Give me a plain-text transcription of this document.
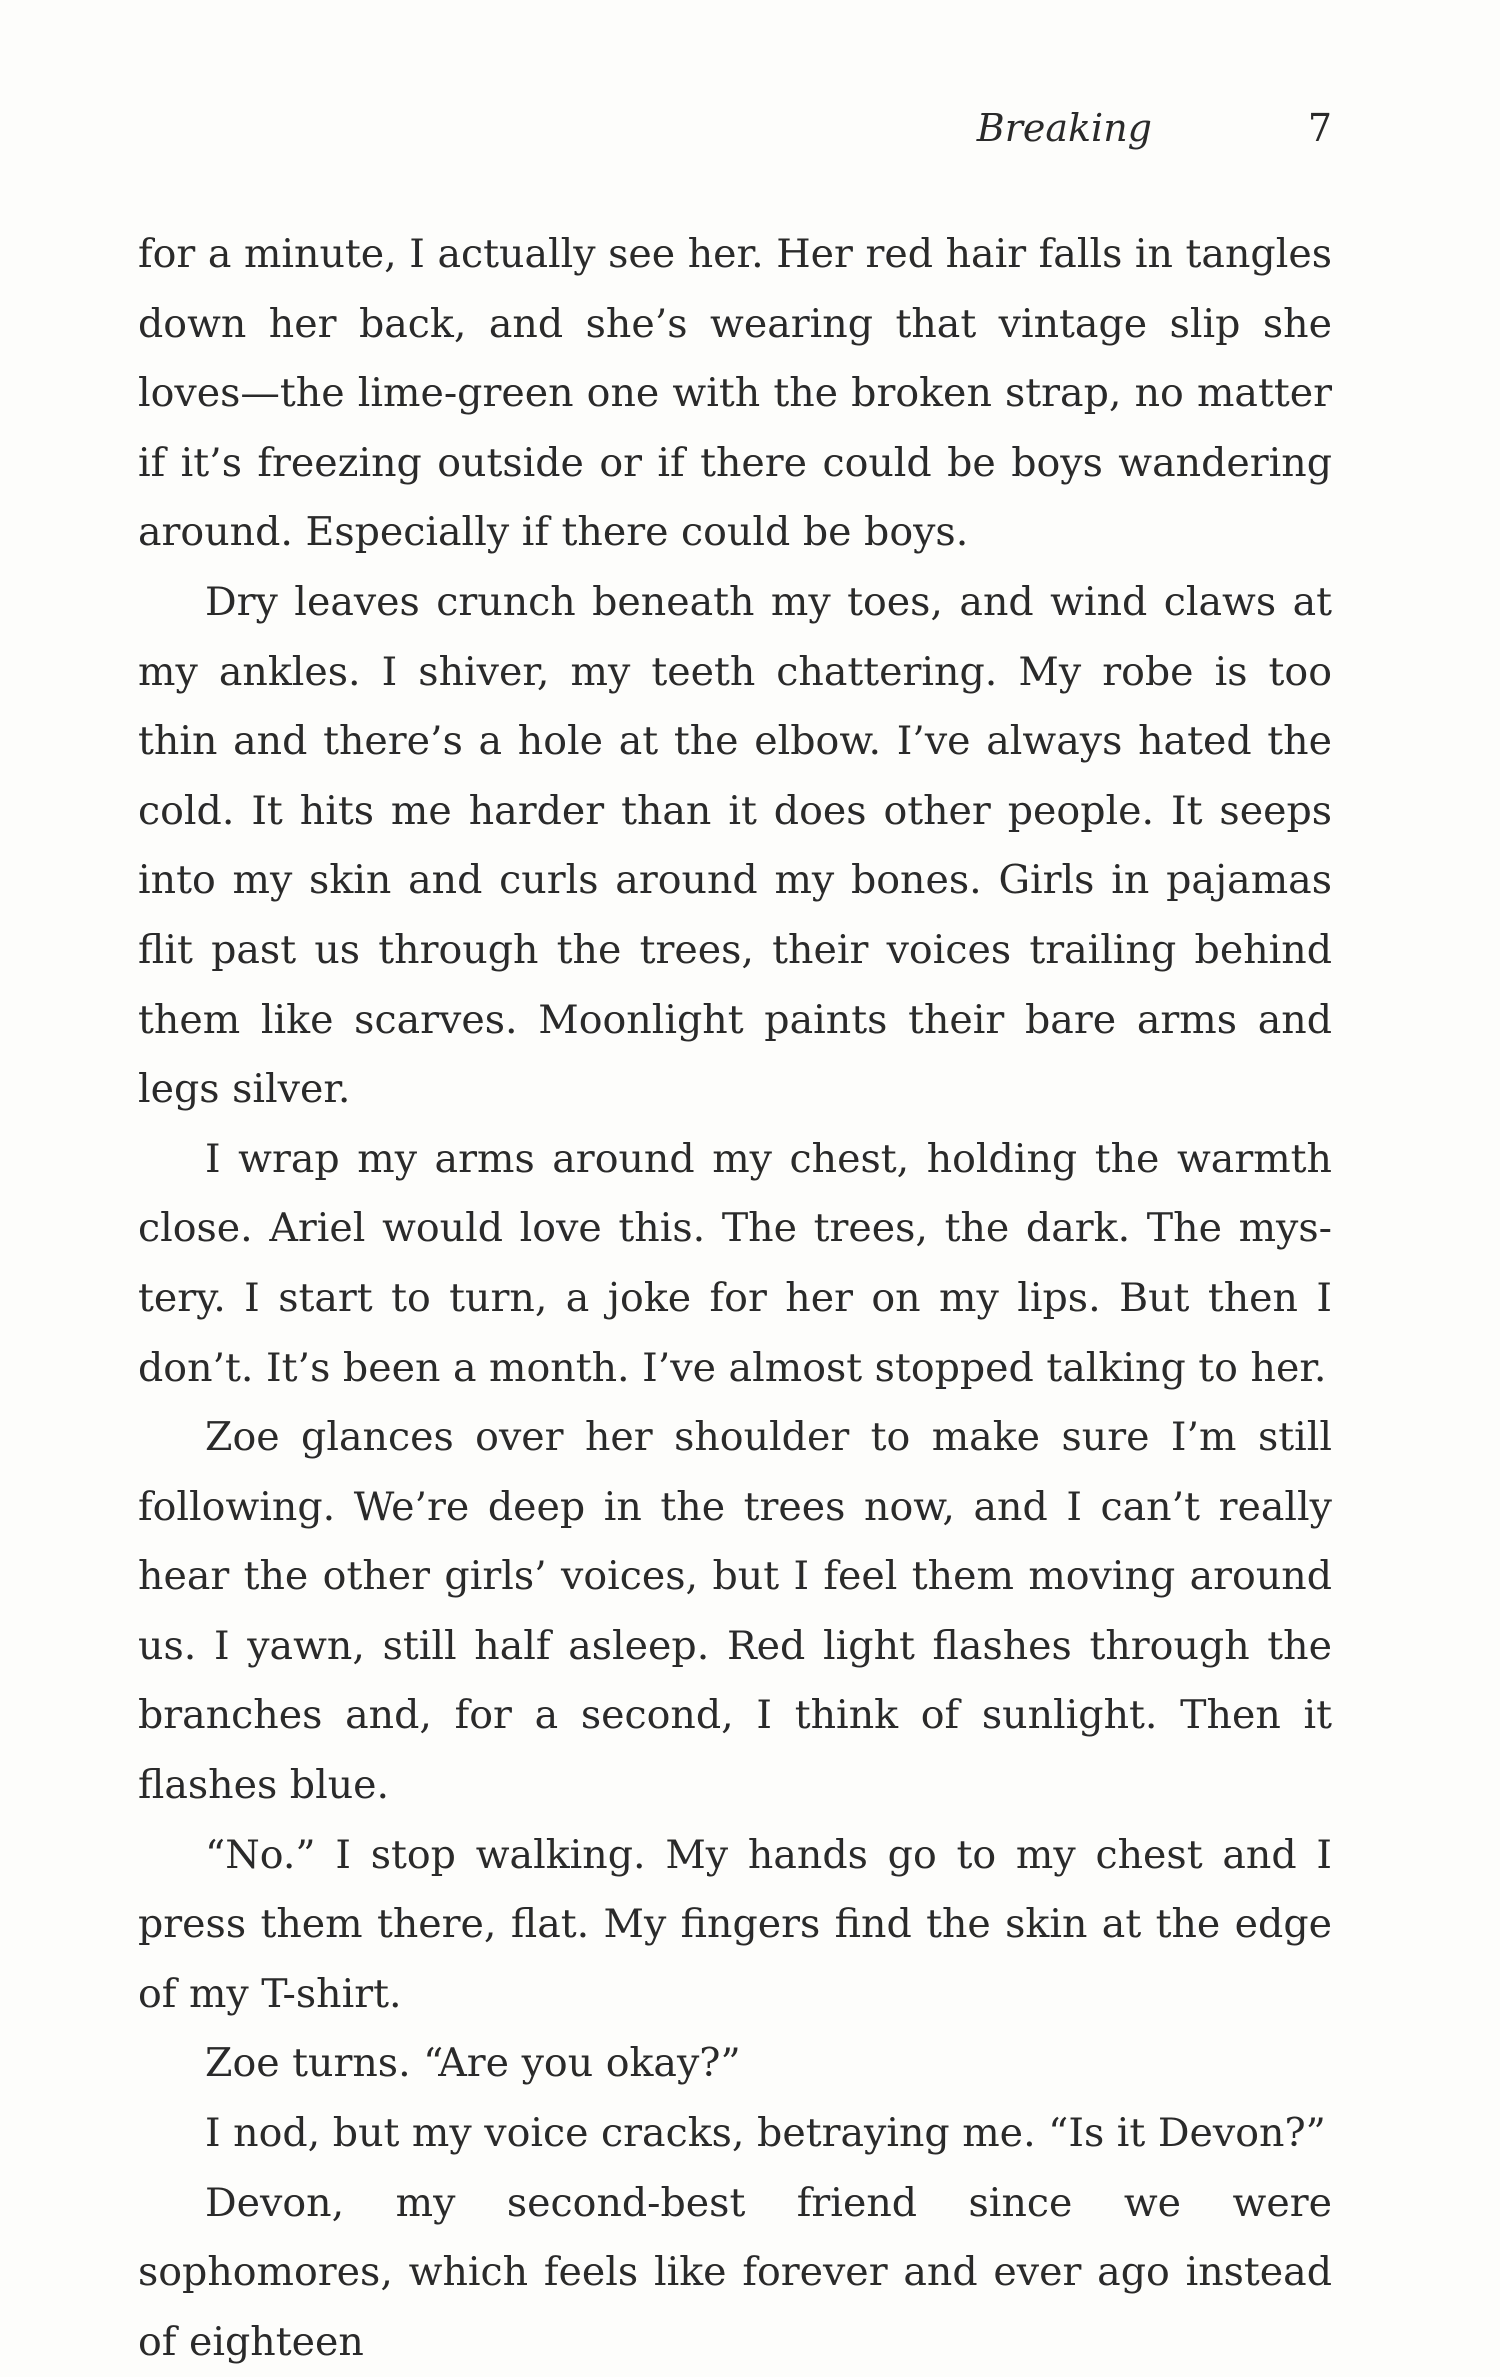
Breaking	7

for a minute, I actually see her. Her red hair falls in tangles down her back, and she’s wearing that vintage slip she loves—the lime-green one with the broken strap, no matter if it’s freezing outside or if there could be boys wandering around. Especially if there could be boys.

Dry leaves crunch beneath my toes, and wind claws at my ankles. I shiver, my teeth chattering. My robe is too thin and there’s a hole at the elbow. I’ve always hated the cold. It hits me harder than it does other people. It seeps into my skin and curls around my bones. Girls in pajamas flit past us through the trees, their voices trailing behind them like scarves. Moonlight paints their bare arms and legs silver.

I wrap my arms around my chest, holding the warmth close. Ariel would love this. The trees, the dark. The mystery. I start to turn, a joke for her on my lips. But then I don’t. It’s been a month. I’ve almost stopped talking to her.

Zoe glances over her shoulder to make sure I’m still following. We’re deep in the trees now, and I can’t really hear the other girls’ voices, but I feel them moving around us. I yawn, still half asleep. Red light flashes through the branches and, for a second, I think of sunlight. Then it flashes blue.

“No.” I stop walking. My hands go to my chest and I press them there, flat. My fingers find the skin at the edge of my T-shirt.

Zoe turns. “Are you okay?”

I nod, but my voice cracks, betraying me. “Is it Devon?”

Devon, my second-best friend since we were sophomores, which feels like forever and ever ago instead of eighteen
